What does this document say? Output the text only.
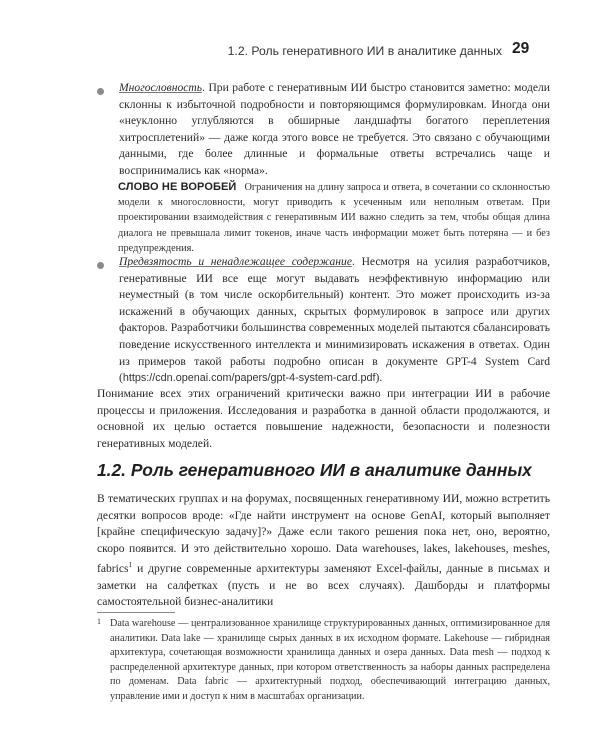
1.2. Роль генеративного ИИ в аналитике данных 29
Многословность. При работе с генеративным ИИ быстро становится заметно: модели склонны к избыточной подробности и повторяющимся формулировкам. Иногда они «неуклонно углубляются в обширные ландшафты богатого переплетения хитросплетений» — даже когда этого вовсе не требуется. Это связано с обучающими данными, где более длинные и формальные ответы встречались чаще и воспринимались как «норма».
СЛОВО НЕ ВОРОБЕЙ Ограничения на длину запроса и ответа, в сочетании со склонностью модели к многословности, могут приводить к усеченным или неполным ответам. При проектировании взаимодействия с генеративным ИИ важно следить за тем, чтобы общая длина диалога не превышала лимит токенов, иначе часть информации может быть потеряна — и без предупреждения.
Предвзятость и ненадлежащее содержание. Несмотря на усилия разработчиков, генеративные ИИ все еще могут выдавать неэффективную информацию или неуместный (в том числе оскорбительный) контент. Это может происходить из-за искажений в обучающих данных, скрытых формулировок в запросе или других факторов. Разработчики большинства современных моделей пытаются сбалансировать поведение искусственного интеллекта и минимизировать искажения в ответах. Один из примеров такой работы подробно описан в документе GPT-4 System Card (https://cdn.openai.com/papers/gpt-4-system-card.pdf).
Понимание всех этих ограничений критически важно при интеграции ИИ в рабочие процессы и приложения. Исследования и разработка в данной области продолжаются, и основной их целью остается повышение надежности, безопасности и полезности генеративных моделей.
1.2. Роль генеративного ИИ в аналитике данных
В тематических группах и на форумах, посвященных генеративному ИИ, можно встретить десятки вопросов вроде: «Где найти инструмент на основе GenAI, который выполняет [крайне специфическую задачу]?» Даже если такого решения пока нет, оно, вероятно, скоро появится. И это действительно хорошо. Data warehouses, lakes, lakehouses, meshes, fabrics$^1$ и другие современные архитектуры заменяют Excel-файлы, данные в письмах и заметки на салфетках (пусть и не во всех случаях). Дашборды и платформы самостоятельной бизнес-аналитики
1 Data warehouse — централизованное хранилище структурированных данных, оптимизированное для аналитики. Data lake — хранилище сырых данных в их исходном формате. Lakehouse — гибридная архитектура, сочетающая возможности хранилища данных и озера данных. Data mesh — подход к распределенной архитектуре данных, при котором ответственность за наборы данных распределена по доменам. Data fabric — архитектурный подход, обеспечивающий интеграцию данных, управление ими и доступ к ним в масштабах организации.
